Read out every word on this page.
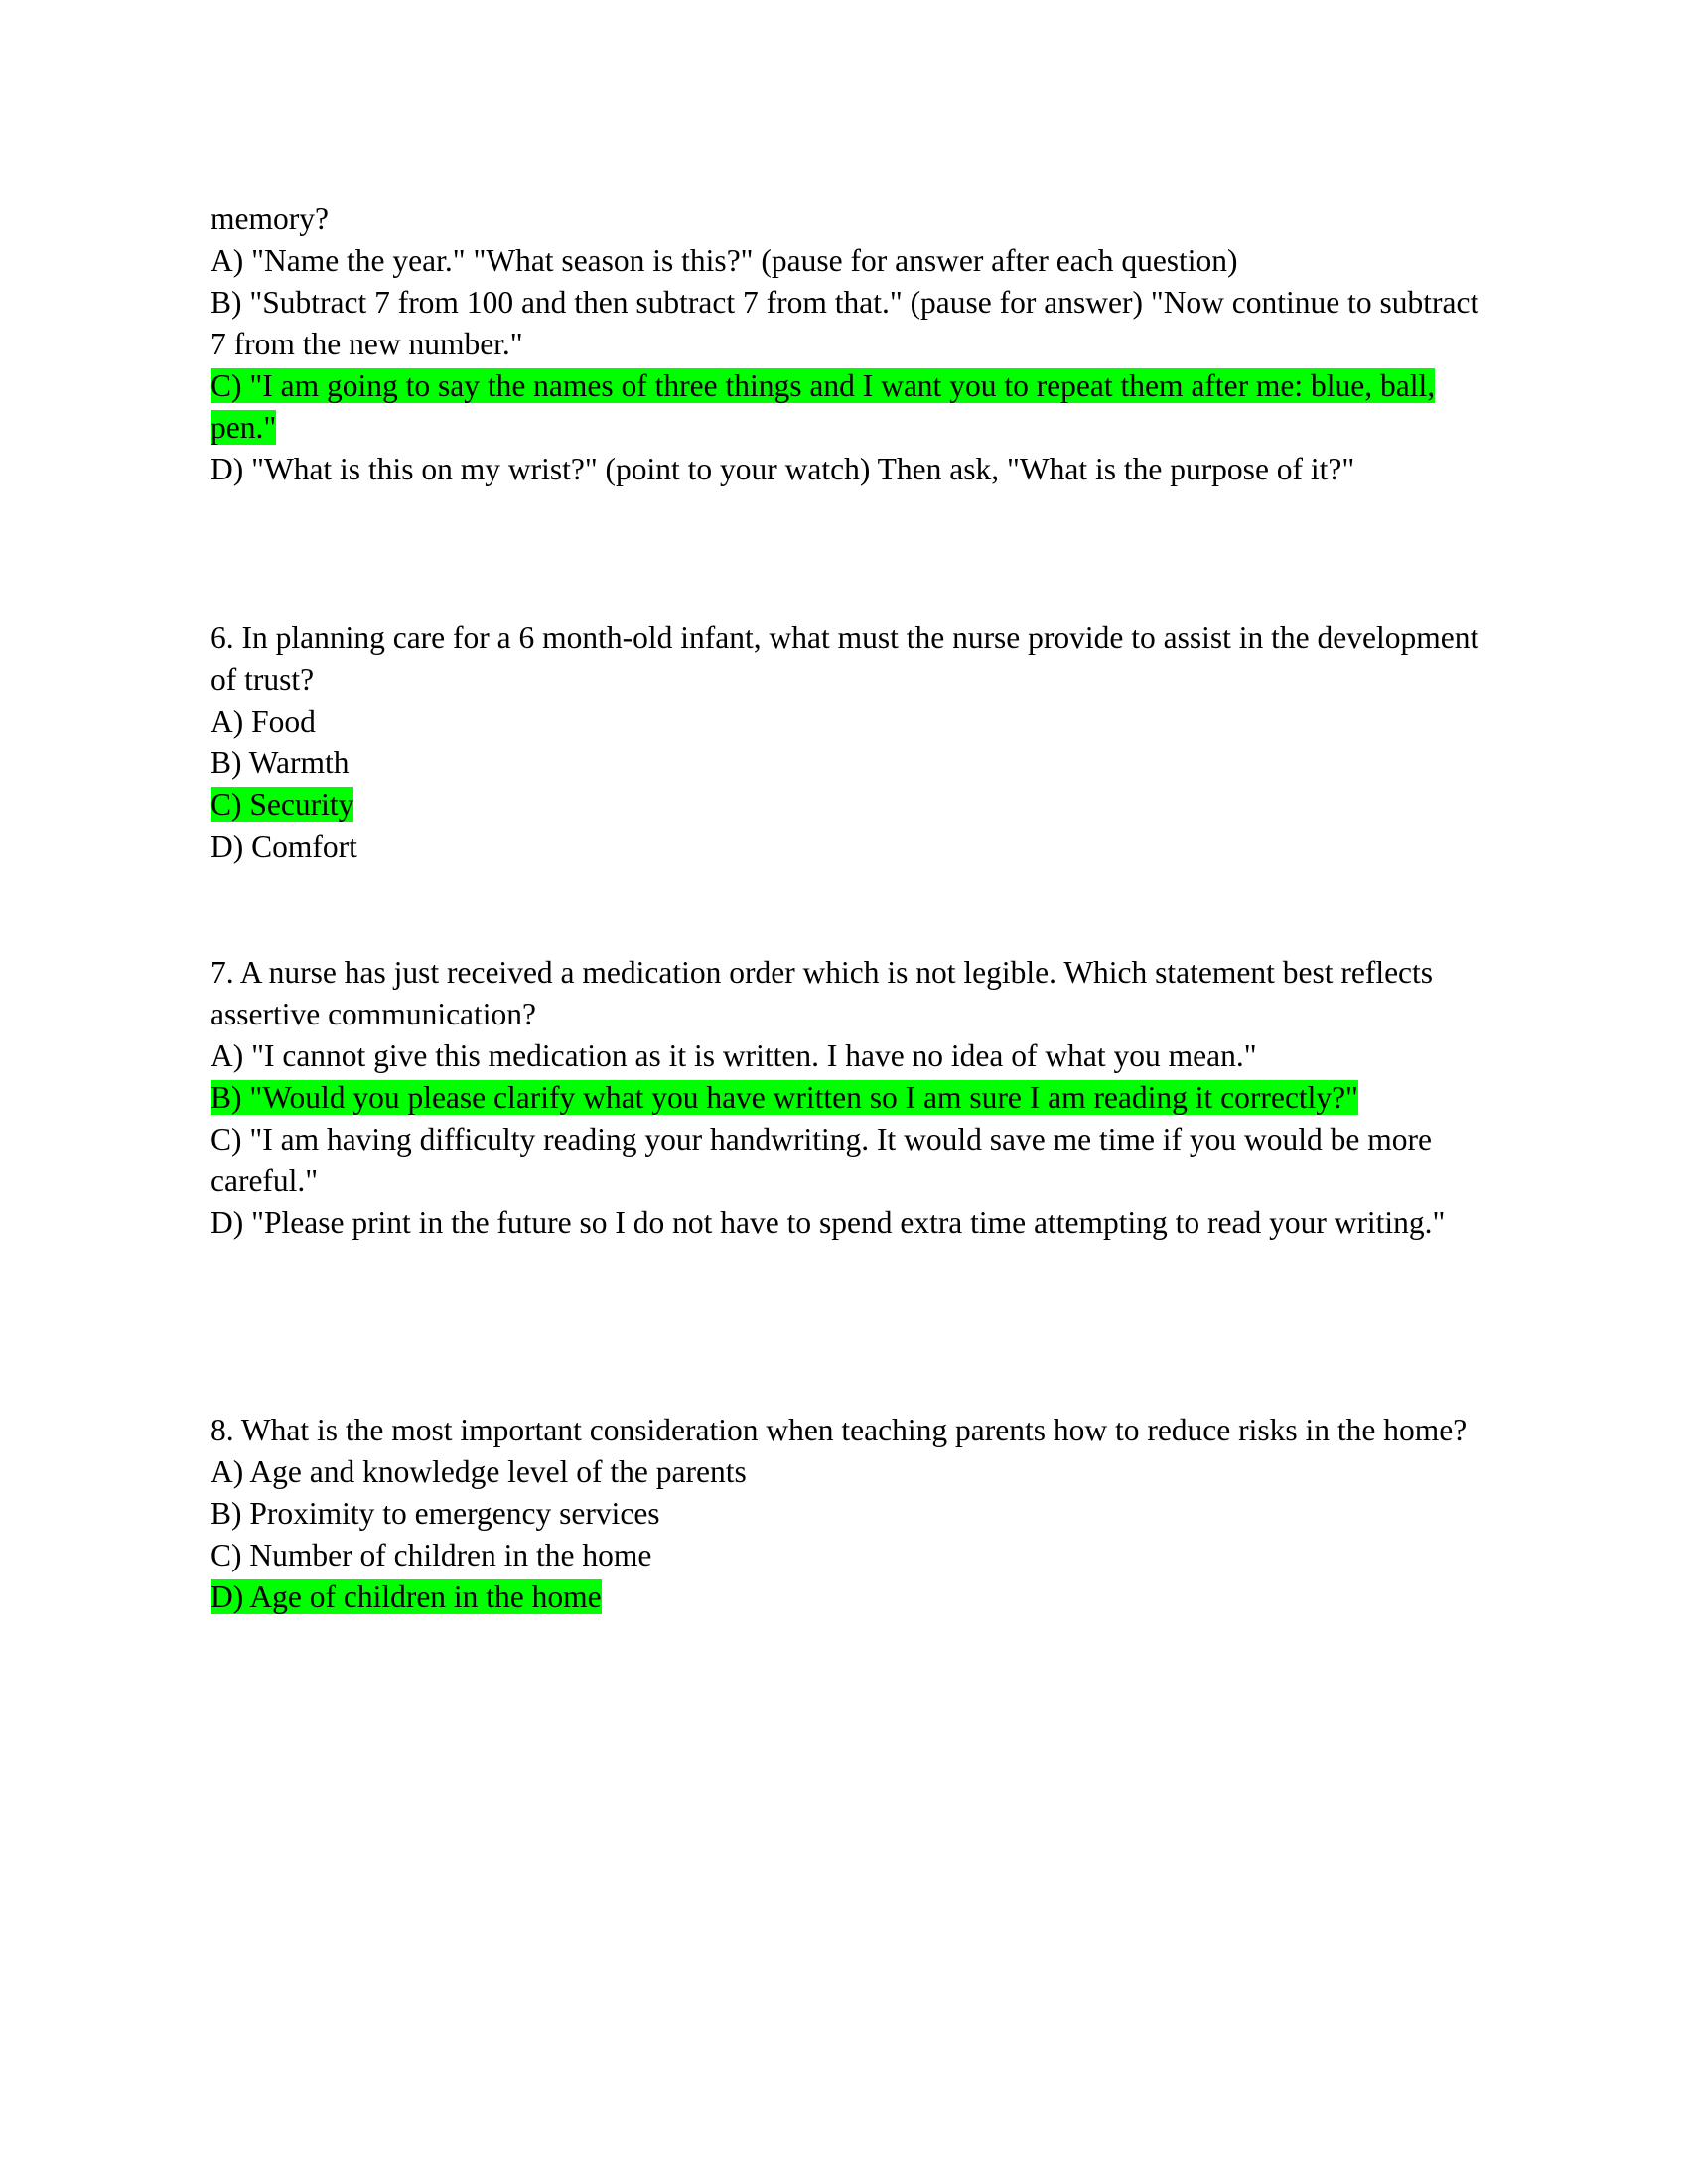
memory?
A) "Name the year." "What season is this?" (pause for answer after each question)
B) "Subtract 7 from 100 and then subtract 7 from that." (pause for answer) "Now continue to subtract 7 from the new number."
C) "I am going to say the names of three things and I want you to repeat them after me: blue, ball, pen."
D) "What is this on my wrist?" (point to your watch) Then ask, "What is the purpose of it?"
6. In planning care for a 6 month-old infant, what must the nurse provide to assist in the development of trust?
A) Food
B) Warmth
C) Security
D) Comfort
7. A nurse has just received a medication order which is not legible. Which statement best reflects assertive communication?
A) "I cannot give this medication as it is written. I have no idea of what you mean."
B) "Would you please clarify what you have written so I am sure I am reading it correctly?"
C) "I am having difficulty reading your handwriting. It would save me time if you would be more careful."
D) "Please print in the future so I do not have to spend extra time attempting to read your writing."
8. What is the most important consideration when teaching parents how to reduce risks in the home?
A) Age and knowledge level of the parents
B) Proximity to emergency services
C) Number of children in the home
D) Age of children in the home
